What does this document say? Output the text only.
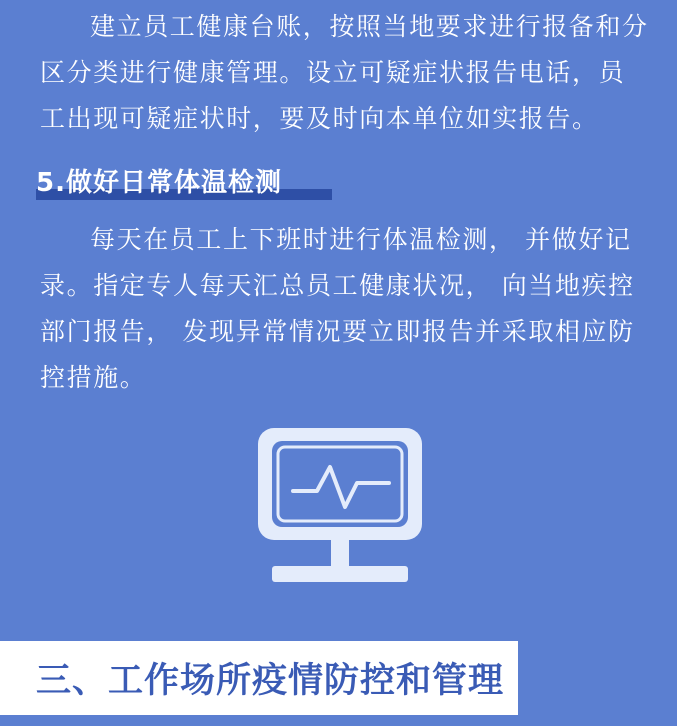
建立员工健康台账，按照当地要求进行报备和分
区分类进行健康管理。设立可疑症状报告电话，员
工出现可疑症状时，要及时向本单位如实报告。
5.做好日常体温检测
每天在员工上下班时进行体温检测， 并做好记
录。指定专人每天汇总员工健康状况， 向当地疾控
部门报告， 发现异常情况要立即报告并采取相应防
控措施。
三、工作场所疫情防控和管理
